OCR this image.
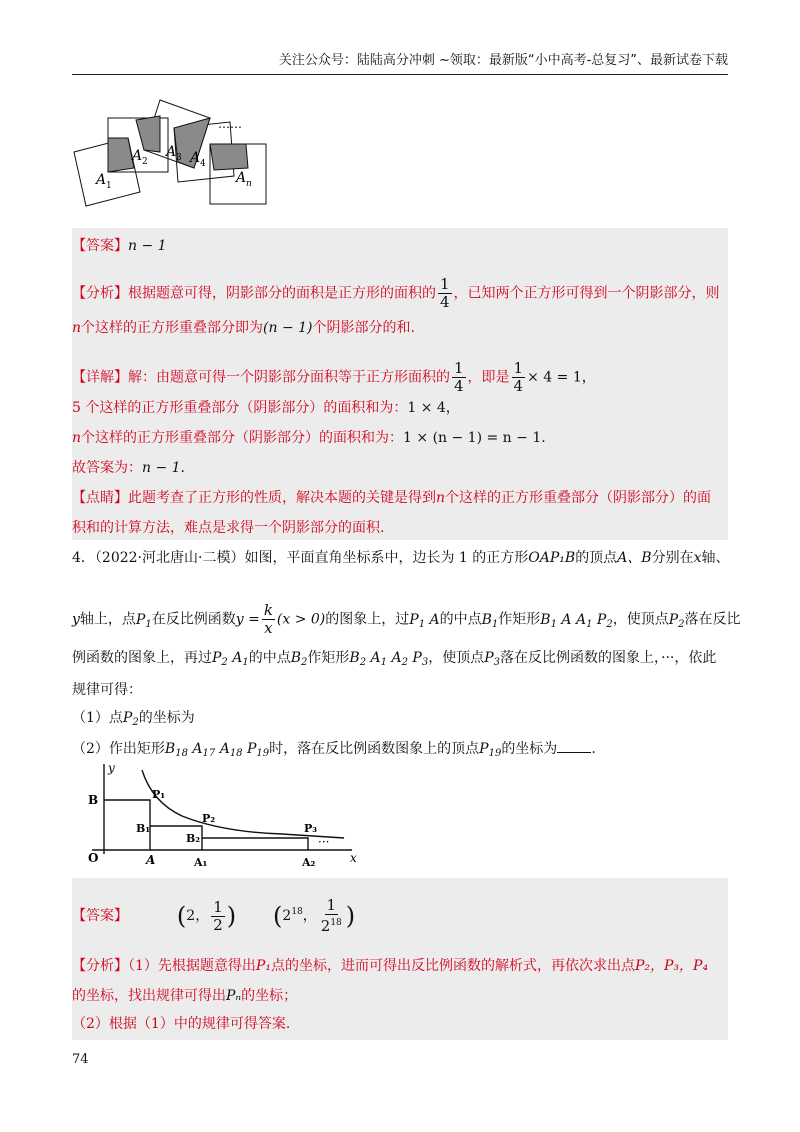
关注公众号：陆陆高分冲刺 ~领取：最新版“小中高考-总复习”、最新试卷下载
A 1
A 2
A 3 A 4
A n
……
【答案】n − 1
【分析】根据题意可得，阴影部分的面积是正方形的面积的 $\frac{1}{4}$ ，已知两个正方形可得到一个阴影部分，则
n个这样的正方形重叠部分即为(n − 1)个阴影部分的和.
【详解】解：由题意可得一个阴影部分面积等于正方形面积的 $\frac{1}{4}$ ，即是 $\frac{1}{4} \times 4 = 1$，
5 个这样的正方形重叠部分（阴影部分）的面积和为：1 × 4，
n个这样的正方形重叠部分（阴影部分）的面积和为：1 × (n − 1) = n − 1.
故答案为：n − 1.
【点睛】此题考查了正方形的性质，解决本题的关键是得到n个这样的正方形重叠部分（阴影部分）的面
积和的计算方法，难点是求得一个阴影部分的面积.
4．（2022·河北唐山·二模）如图，平面直角坐标系中，边长为 1 的正方形OAP₁B的顶点A、B分别在x轴、
y轴上，点$P_1$在反比例函数$y = \frac{k}{x} (x > 0)$的图象上，过$P_1$ A的中点$B_1$作矩形$B_1$ A $A_1$ $P_2$，使顶点$P_2$落在反比
例函数的图象上，再过$P_2$ $A_1$的中点$B_2$作矩形$B_2$ $A_1$ $A_2$ $P_3$，使顶点$P_3$落在反比例函数的图象上，···，依此
规律可得：
（1）点$P_2$的坐标为
（2）作出矩形$B_{18}$ $A_{17}$ $A_{18}$ $P_{19}$时，落在反比例函数图象上的顶点$P_{19}$的坐标为 .
y
B	P₁
P₂
P₃
B₁
B₂
O	A	A₁	A₂	x
···
【答案】 (2， $\frac{1}{2}$ ) ($2^{18}$， $\frac{1}{2^{18}}$ )
【分析】（1）先根据题意得出P₁点的坐标，进而可得出反比例函数的解析式，再依次求出点P₂，P₃，P₄
的坐标，找出规律可得出Pₙ的坐标；
（2）根据（1）中的规律可得答案.
74
